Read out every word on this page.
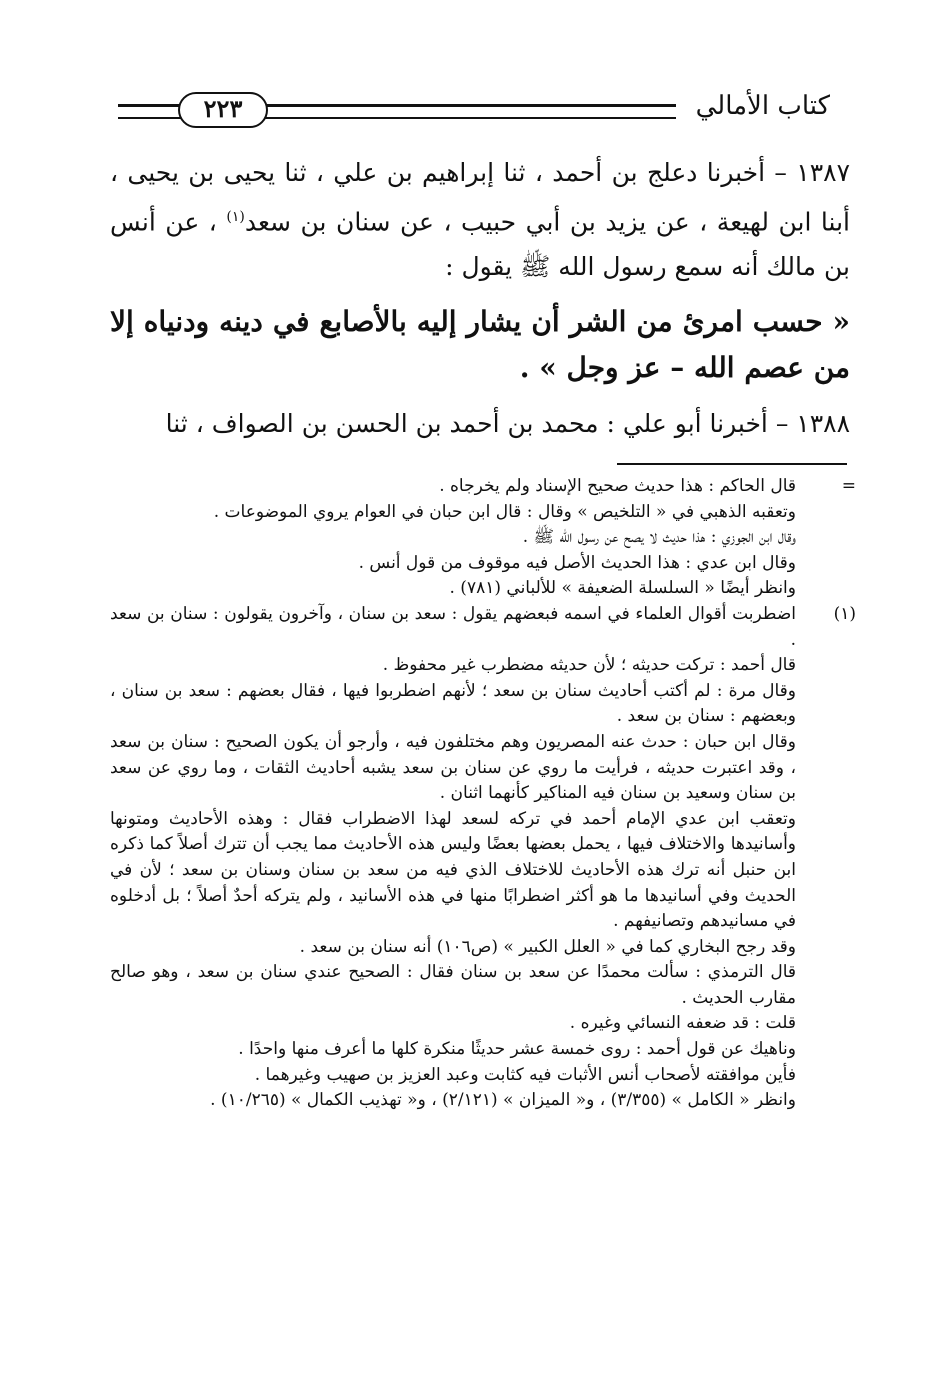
٢٢٣	كتاب الأمالي

١٣٨٧ – أخبرنا دعلج بن أحمد ، ثنا إبراهيم بن علي ، ثنا يحيى بن يحيى ، أبنا ابن لهيعة ، عن يزيد بن أبي حبيب ، عن سنان بن سعد$^{(١)}$ ، عن أنس بن مالك أنه سمع رسول الله ﷺ يقول :

« حسب امرئ من الشر أن يشار إليه بالأصابع في دينه ودنياه إلا من عصم الله – عز وجل » .

١٣٨٨ – أخبرنا أبو علي : محمد بن أحمد بن الحسن بن الصواف ، ثنا

=

قال الحاكم : هذا حديث صحيح الإسناد ولم يخرجاه .

وتعقبه الذهبي في « التلخيص » وقال : قال ابن حبان في العوام يروي الموضوعات .

وقال ابن الجوزي : هذا حديث لا يصح عن رسول الله ﷺ .

وقال ابن عدي : هذا الحديث الأصل فيه موقوف من قول أنس .

وانظر أيضًا « السلسلة الضعيفة » للألباني (٧٨١) .

(١)

اضطربت أقوال العلماء في اسمه فبعضهم يقول : سعد بن سنان ، وآخرون يقولون : سنان بن سعد .

قال أحمد : تركت حديثه ؛ لأن حديثه مضطرب غير محفوظ .

وقال مرة : لم أكتب أحاديث سنان بن سعد ؛ لأنهم اضطربوا فيها ، فقال بعضهم : سعد بن سنان ، وبعضهم : سنان بن سعد .

وقال ابن حبان : حدث عنه المصريون وهم مختلفون فيه ، وأرجو أن يكون الصحيح : سنان بن سعد ، وقد اعتبرت حديثه ، فرأيت ما روي عن سنان بن سعد يشبه أحاديث الثقات ، وما روي عن سعد بن سنان وسعيد بن سنان فيه المناكير كأنهما اثنان .

وتعقب ابن عدي الإمام أحمد في تركه لسعد لهذا الاضطراب فقال : وهذه الأحاديث ومتونها وأسانيدها والاختلاف فيها ، يحمل بعضها بعضًا وليس هذه الأحاديث مما يجب أن تترك أصلاً كما ذكره ابن حنبل أنه ترك هذه الأحاديث للاختلاف الذي فيه من سعد بن سنان وسنان بن سعد ؛ لأن في الحديث وفي أسانيدها ما هو أكثر اضطرابًا منها في هذه الأسانيد ، ولم يتركه أحدٌ أصلاً ؛ بل أدخلوه في مسانيدهم وتصانيفهم .

وقد رجح البخاري كما في « العلل الكبير » (ص١٠٦) أنه سنان بن سعد .

قال الترمذي : سألت محمدًا عن سعد بن سنان فقال : الصحيح عندي سنان بن سعد ، وهو صالح مقارب الحديث .

قلت : قد ضعفه النسائي وغيره .

وناهيك عن قول أحمد : روى خمسة عشر حديثًا منكرة كلها ما أعرف منها واحدًا .

فأين موافقته لأصحاب أنس الأثبات فيه كثابت وعبد العزيز بن صهيب وغيرهما .

وانظر « الكامل » (٣/٣٥٥) ، و« الميزان » (٢/١٢١) ، و« تهذيب الكمال » (١٠/٢٦٥) .
